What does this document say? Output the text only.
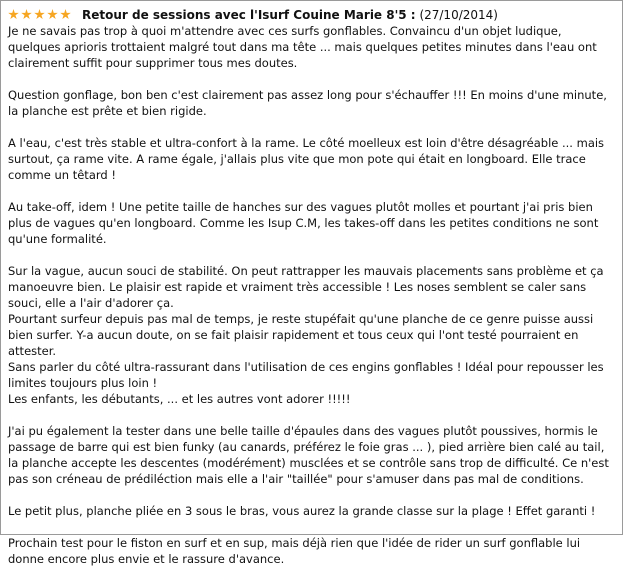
Retour de sessions avec l'Isurf Couine Marie 8'5 : (27/10/2014)

Je ne savais pas trop à quoi m'attendre avec ces surfs gonflables. Convaincu d'un objet ludique, quelques aprioris trottaient malgré tout dans ma tête ... mais quelques petites minutes dans l'eau ont clairement suffit pour supprimer tous mes doutes.

Question gonflage, bon ben c'est clairement pas assez long pour s'échauffer !!! En moins d'une minute, la planche est prête et bien rigide.

A l'eau, c'est très stable et ultra-confort à la rame. Le côté moelleux est loin d'être désagréable ... mais surtout, ça rame vite. A rame égale, j'allais plus vite que mon pote qui était en longboard. Elle trace comme un têtard !

Au take-off, idem ! Une petite taille de hanches sur des vagues plutôt molles et pourtant j'ai pris bien plus de vagues qu'en longboard. Comme les Isup C.M, les takes-off dans les petites conditions ne sont qu'une formalité.

Sur la vague, aucun souci de stabilité. On peut rattrapper les mauvais placements sans problème et ça manoeuvre bien. Le plaisir est rapide et vraiment très accessible ! Les noses semblent se caler sans souci, elle a l'air d'adorer ça.

Pourtant surfeur depuis pas mal de temps, je reste stupéfait qu'une planche de ce genre puisse aussi bien surfer. Y-a aucun doute, on se fait plaisir rapidement et tous ceux qui l'ont testé pourraient en attester.

Sans parler du côté ultra-rassurant dans l'utilisation de ces engins gonflables ! Idéal pour repousser les limites toujours plus loin !

Les enfants, les débutants, ... et les autres vont adorer !!!!!

J'ai pu également la tester dans une belle taille d'épaules dans des vagues plutôt poussives, hormis le passage de barre qui est bien funky (au canards, préférez le foie gras ... ), pied arrière bien calé au tail, la planche accepte les descentes (modérément) musclées et se contrôle sans trop de difficulté. Ce n'est pas son créneau de prédiléction mais elle a l'air "taillée" pour s'amuser dans pas mal de conditions.

Le petit plus, planche pliée en 3 sous le bras, vous aurez la grande classe sur la plage ! Effet garanti !

Prochain test pour le fiston en surf et en sup, mais déjà rien que l'idée de rider un surf gonflable lui donne encore plus envie et le rassure d'avance.
